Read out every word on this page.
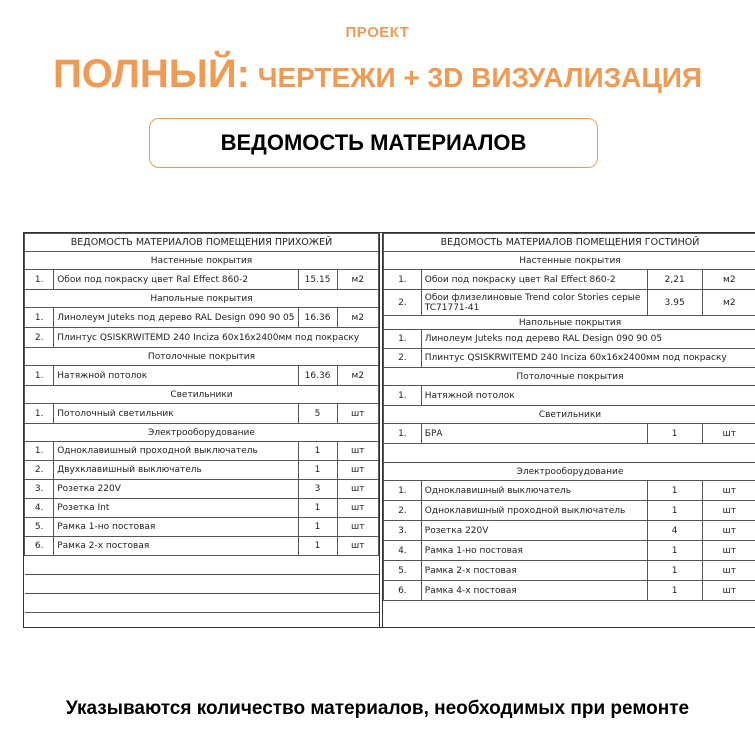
ПРОЕКТ
ПОЛНЫЙ: ЧЕРТЕЖИ + 3D ВИЗУАЛИЗАЦИЯ
ВЕДОМОСТЬ МАТЕРИАЛОВ
ВЕДОМОСТЬ МАТЕРИАЛОВ ПОМЕЩЕНИЯ ПРИХОЖЕЙ			
Настенные покрытия			
1.	Обои под покраску цвет Ral Effect 860-2	15.15	м2
Напольные покрытия			
1.	Линолеум Juteks под дерево RAL Design 090 90 05	16.36	м2
2.	Плинтус QSISKRWITEMD 240 Inciza 60х16х2400мм под покраску		
Потолочные покрытия			
1.	Натяжной потолок	16.36	м2
Светильники			
1.	Потолочный светильник	5	шт
Электрооборудование			
1.	Одноклавишный проходной выключатель	1	шт
2.	Двухклавишный выключатель	1	шт
3.	Розетка 220V	3	шт
4.	Розетка Int	1	шт
5.	Рамка 1-но постовая	1	шт
6.	Рамка 2-х постовая	1	шт

ВЕДОМОСТЬ МАТЕРИАЛОВ ПОМЕЩЕНИЯ ГОСТИНОЙ			
Настенные покрытия			
1.	Обои под покраску цвет Ral Effect 860-2	2,21	м2
2.	Обои флизелиновые Trend color Stories серые TC71771-41	3.95	м2
Напольные покрытия			
1.	Линолеум Juteks под дерево RAL Design 090 90 05		
2.	Плинтус QSISKRWITEMD 240 Inciza 60х16х2400мм под покраску		
Потолочные покрытия			
1.	Натяжной потолок		
Светильники			
1.	БРА	1	шт

Электрооборудование			
1.	Одноклавишный выключатель	1	шт
2.	Одноклавишный проходной выключатель	1	шт
3.	Розетка 220V	4	шт
4.	Рамка 1-но постовая	1	шт
5.	Рамка 2-х постовая	1	шт
6.	Рамка 4-х постовая	1	шт
Указываются количество материалов, необходимых при ремонте
